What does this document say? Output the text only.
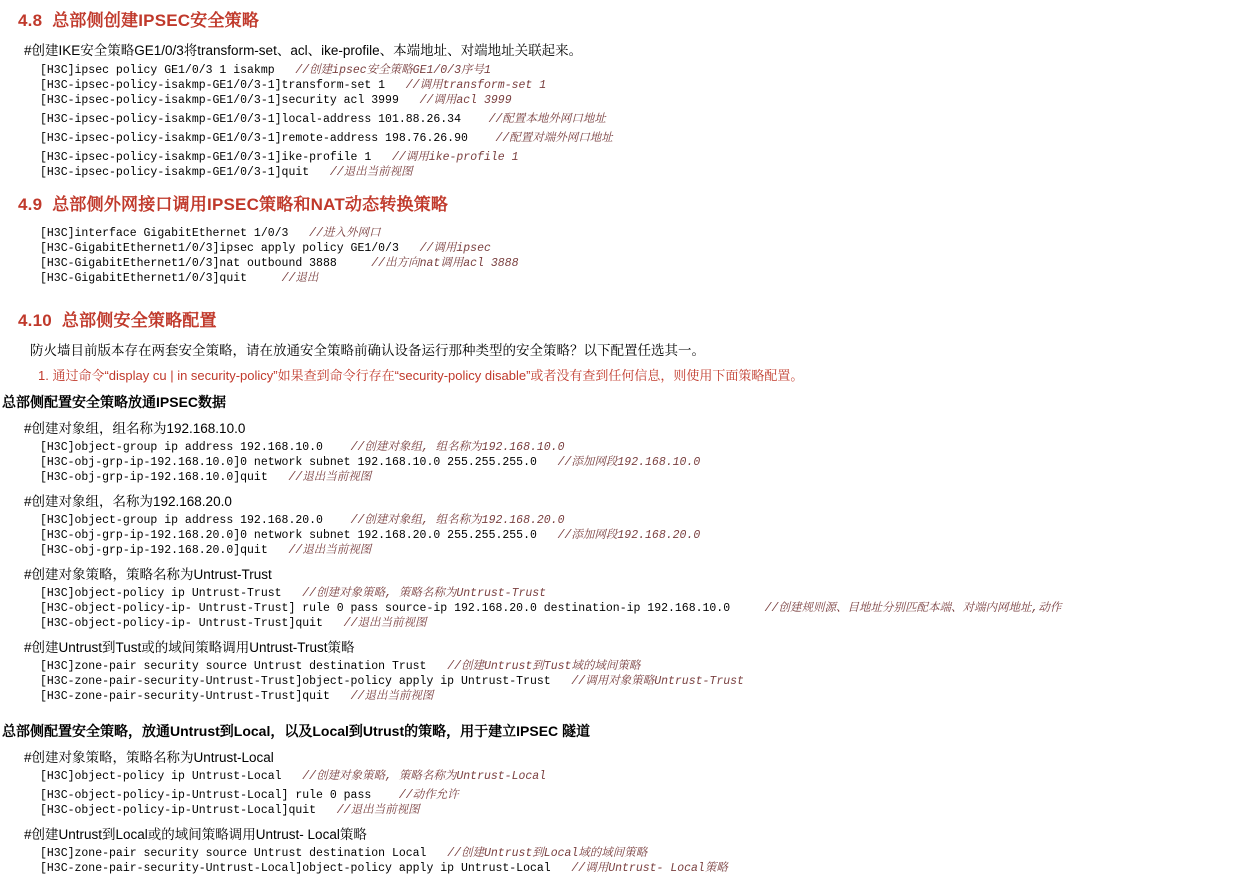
4.8 总部侧创建IPSEC安全策略

#创建IKE安全策略GE1/0/3将transform-set、acl、ike-profile、本端地址、对端地址关联起来。

[H3C]ipsec policy GE1/0/3 1 isakmp //创建ipsec安全策略GE1/0/3序号1
[H3C-ipsec-policy-isakmp-GE1/0/3-1]transform-set 1 //调用transform-set 1
[H3C-ipsec-policy-isakmp-GE1/0/3-1]security acl 3999 //调用acl 3999
[H3C-ipsec-policy-isakmp-GE1/0/3-1]local-address 101.88.26.34 //配置本地外网口地址
[H3C-ipsec-policy-isakmp-GE1/0/3-1]remote-address 198.76.26.90 //配置对端外网口地址
[H3C-ipsec-policy-isakmp-GE1/0/3-1]ike-profile 1 //调用ike-profile 1
[H3C-ipsec-policy-isakmp-GE1/0/3-1]quit //退出当前视图
4.9 总部侧外网接口调用IPSEC策略和NAT动态转换策略
[H3C]interface GigabitEthernet 1/0/3 //进入外网口
[H3C-GigabitEthernet1/0/3]ipsec apply policy GE1/0/3 //调用ipsec
[H3C-GigabitEthernet1/0/3]nat outbound 3888	//出方向nat调用acl 3888
[H3C-GigabitEthernet1/0/3]quit	//退出
4.10 总部侧安全策略配置

防火墙目前版本存在两套安全策略，请在放通安全策略前确认设备运行那种类型的安全策略？以下配置任选其一。

1. 通过命令“display cu | in security-policy”如果查到命令行存在“security-policy disable”或者没有查到任何信息，则使用下面策略配置。

总部侧配置安全策略放通IPSEC数据

#创建对象组，组名称为192.168.10.0

[H3C]object-group ip address 192.168.10.0 //创建对象组, 组名称为192.168.10.0
[H3C-obj-grp-ip-192.168.10.0]0 network subnet 192.168.10.0 255.255.255.0 //添加网段192.168.10.0
[H3C-obj-grp-ip-192.168.10.0]quit //退出当前视图

#创建对象组，名称为192.168.20.0

[H3C]object-group ip address 192.168.20.0 //创建对象组, 组名称为192.168.20.0
[H3C-obj-grp-ip-192.168.20.0]0 network subnet 192.168.20.0 255.255.255.0 //添加网段192.168.20.0
[H3C-obj-grp-ip-192.168.20.0]quit //退出当前视图

#创建对象策略，策略名称为Untrust-Trust

[H3C]object-policy ip Untrust-Trust //创建对象策略, 策略名称为Untrust-Trust
[H3C-object-policy-ip- Untrust-Trust] rule 0 pass source-ip 192.168.20.0 destination-ip 192.168.10.0	//创建规则源、目地址分别匹配本端、对端内网地址,动作
[H3C-object-policy-ip- Untrust-Trust]quit //退出当前视图

#创建Untrust到Tust或的域间策略调用Untrust-Trust策略

[H3C]zone-pair security source Untrust destination Trust //创建Untrust到Tust域的域间策略
[H3C-zone-pair-security-Untrust-Trust]object-policy apply ip Untrust-Trust //调用对象策略Untrust-Trust
[H3C-zone-pair-security-Untrust-Trust]quit //退出当前视图
总部侧配置安全策略，放通Untrust到Local，以及Local到Utrust的策略，用于建立IPSEC 隧道

#创建对象策略，策略名称为Untrust-Local

[H3C]object-policy ip Untrust-Local //创建对象策略, 策略名称为Untrust-Local
[H3C-object-policy-ip-Untrust-Local] rule 0 pass //动作允许
[H3C-object-policy-ip-Untrust-Local]quit //退出当前视图

#创建Untrust到Local或的域间策略调用Untrust- Local策略

[H3C]zone-pair security source Untrust destination Local //创建Untrust到Local域的域间策略
[H3C-zone-pair-security-Untrust-Local]object-policy apply ip Untrust-Local //调用Untrust- Local策略
